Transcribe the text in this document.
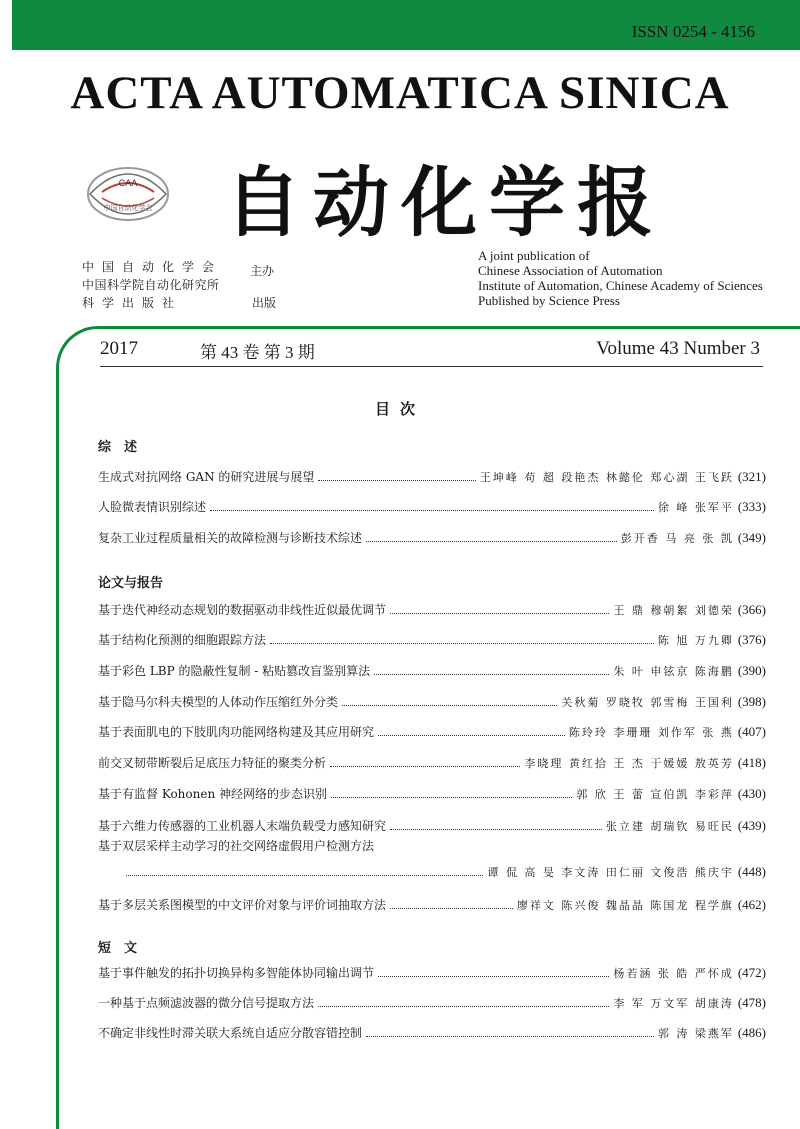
ISSN 0254 - 4156
ACTA AUTOMATICA SINICA
CAA
中国自动化学会 自动化学报
中国自动化学会
中国科学院自动化研究所
科学出版社	出版
主办
A joint publication of
Chinese Association of Automation
Institute of Automation, Chinese Academy of Sciences
Published by Science Press
2017	第 43 卷 第 3 期	Volume 43 Number 3
目次
综　述
生成式对抗网络 GAN 的研究进展与展望	王坤峰 苟 超 段艳杰 林懿伦 郑心湖 王飞跃 (321)
人脸微表情识别综述	徐 峰 张军平 (333)
复杂工业过程质量相关的故障检测与诊断技术综述	彭开香 马 亮 张 凯 (349)
论文与报告
基于迭代神经动态规划的数据驱动非线性近似最优调节	王 鼎 穆朝絮 刘德荣 (366)
基于结构化预测的细胞跟踪方法	陈 旭 万九卿 (376)
基于彩色 LBP 的隐蔽性复制 - 粘贴篡改盲鉴别算法	朱 叶 申铉京 陈海鹏 (390)
基于隐马尔科夫模型的人体动作压缩红外分类	关秋菊 罗晓牧 郭雪梅 王国利 (398)
基于表面肌电的下肢肌肉功能网络构建及其应用研究	陈玲玲 李珊珊 刘作军 张 燕 (407)
前交叉韧带断裂后足底压力特征的聚类分析	李晓理 黄红拾 王 杰 于媛媛 敖英芳 (418)
基于有监督 Kohonen 神经网络的步态识别	郭 欣 王 蕾 宣伯凯 李彩萍 (430)
基于六维力传感器的工业机器人末端负载受力感知研究	张立建 胡瑞钦 易旺民 (439)
基于双层采样主动学习的社交网络虚假用户检测方法
谭 侃 高 旻 李文涛 田仁丽 文俊浩 熊庆宇 (448)
基于多层关系图模型的中文评价对象与评价词抽取方法	廖祥文 陈兴俊 魏晶晶 陈国龙 程学旗 (462)
短　文
基于事件触发的拓扑切换异构多智能体协同输出调节	杨若涵 张 皓 严怀成 (472)
一种基于点频滤波器的微分信号提取方法	李 军 万文军 胡康涛 (478)
不确定非线性时滞关联大系统自适应分散容错控制	郭 涛 梁燕军 (486)
